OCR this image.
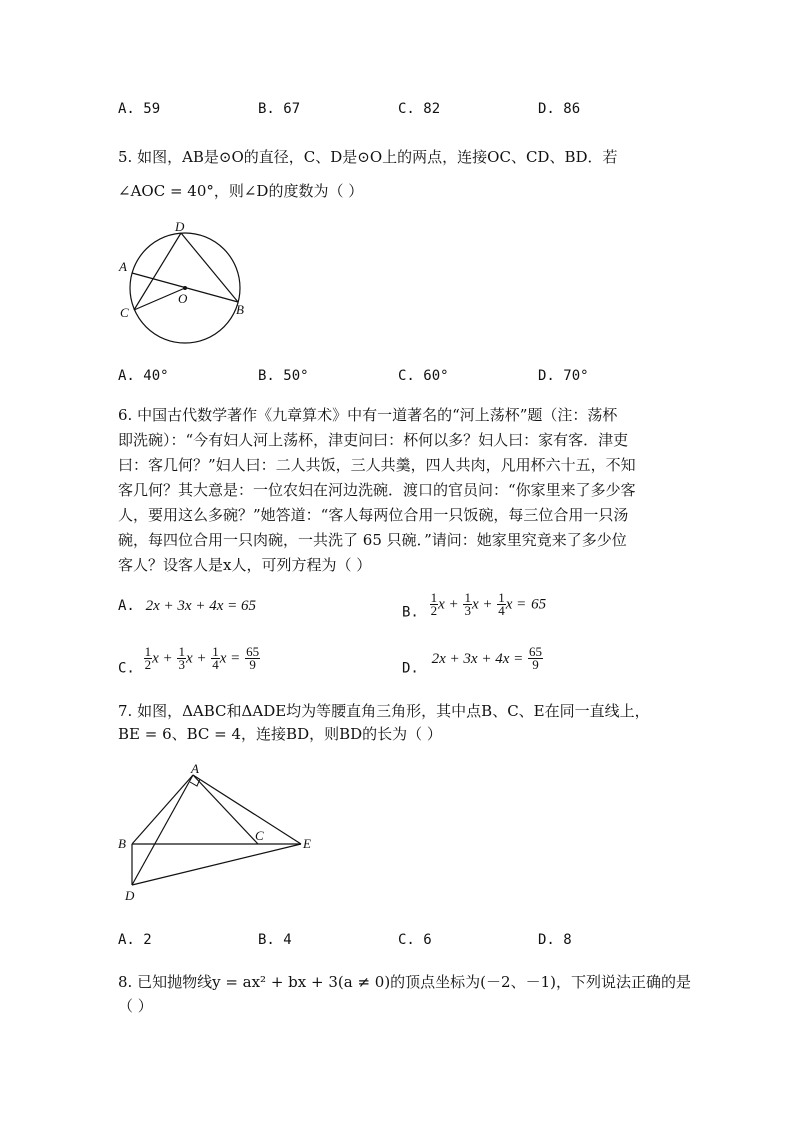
A. 59	B. 67	C. 82	D. 86
5. 如图，AB是⊙O的直径，C、D是⊙O上的两点，连接OC、CD、BD．若
∠AOC = 40°，则∠D的度数为（ ）
D
A
C
O
B
A. 40°	B. 50°	C. 60°	D. 70°
6. 中国古代数学著作《九章算术》中有一道著名的“河上荡杯”题（注：荡杯
即洗碗）：“今有妇人河上荡杯，津吏问曰：杯何以多？妇人曰：家有客．津吏
曰：客几何？”妇人曰：二人共饭，三人共羹，四人共肉，凡用杯六十五，不知
客几何？其大意是：一位农妇在河边洗碗．渡口的官员问：“你家里来了多少客
人，要用这么多碗？”她答道：“客人每两位合用一只饭碗，每三位合用一只汤
碗，每四位合用一只肉碗，一共洗了 65 只碗．”请问：她家里究竟来了多少位
客人？设客人是x人，可列方程为（ ）
A. 2x + 3x + 4x = 65	B. $\frac{1}{2}$ $x + \frac{1}{3}$ $x + \frac{1}{4}$ x = 65
C. $\frac{1}{2}$ $x + \frac{1}{3}$ $x + \frac{1}{4}$ $x = \frac{65}{9}$	D. $2x + 3x + 4x = \frac{65}{9}$
7. 如图，ΔABC和ΔADE均为等腰直角三角形，其中点B、C、E在同一直线上，
BE = 6、BC = 4，连接BD，则BD的长为（ ）
A
B
C
E
D
A. 2	B. 4	C. 6	D. 8
8. 已知抛物线y = ax² + bx + 3(a ≠ 0)的顶点坐标为(－2、－1)，下列说法正确的是
（ ）
